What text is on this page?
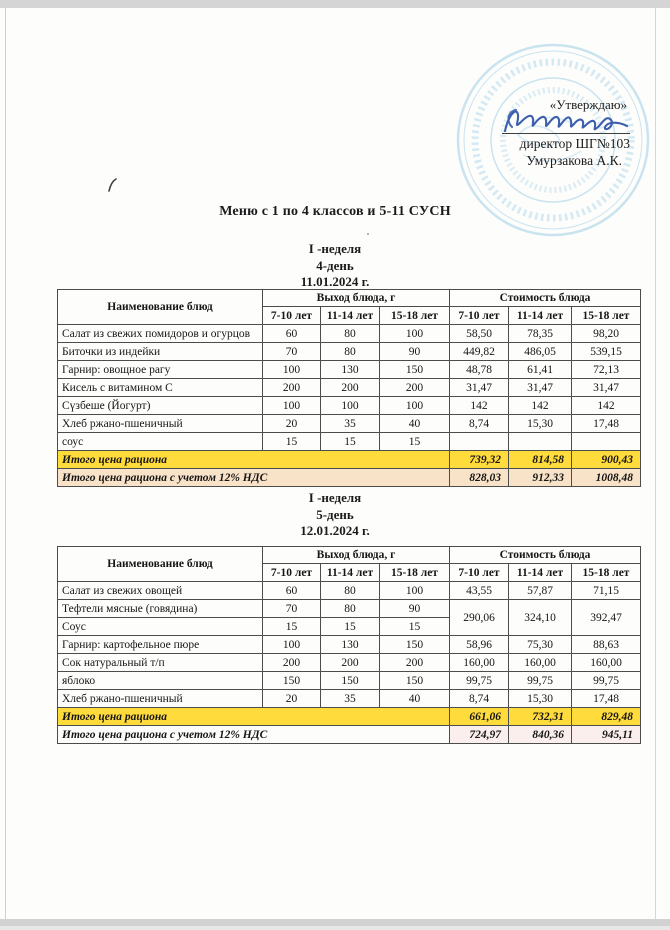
«Утверждаю»
директор ШГ№103
Умурзакова А.К.
Меню с 1 по 4 классов и 5-11 СУСН
I -неделя
4-день
11.01.2024 г.
Наименование блюд	Выход блюда, г			Стоимость блюда		
	7-10 лет	11-14 лет	15-18 лет	7-10 лет	11-14 лет	15-18 лет
Салат из свежих помидоров и огурцов	60	80	100	58,50	78,35	98,20
Биточки из индейки	70	80	90	449,82	486,05	539,15
Гарнир: овощное рагу	100	130	150	48,78	61,41	72,13
Кисель с витамином С	200	200	200	31,47	31,47	31,47
Сүзбеше (Йогурт)	100	100	100	142	142	142
Хлеб ржано-пшеничный	20	35	40	8,74	15,30	17,48
соус	15	15	15			
Итого цена рациона				739,32	814,58	900,43
Итого цена рациона с учетом 12% НДС				828,03	912,33	1008,48
I -неделя
5-день
12.01.2024 г.
Наименование блюд	Выход блюда, г			Стоимость блюда		
	7-10 лет	11-14 лет	15-18 лет	7-10 лет	11-14 лет	15-18 лет
Салат из свежих овощей	60	80	100	43,55	57,87	71,15
Тефтели мясные (говядина)	70	80	90	290,06	324,10	392,47
Соус	15	15	15			
Гарнир: картофельное пюре	100	130	150	58,96	75,30	88,63
Сок натуральный т/п	200	200	200	160,00	160,00	160,00
яблоко	150	150	150	99,75	99,75	99,75
Хлеб ржано-пшеничный	20	35	40	8,74	15,30	17,48
Итого цена рациона				661,06	732,31	829,48
Итого цена рациона с учетом 12% НДС				724,97	840,36	945,11
